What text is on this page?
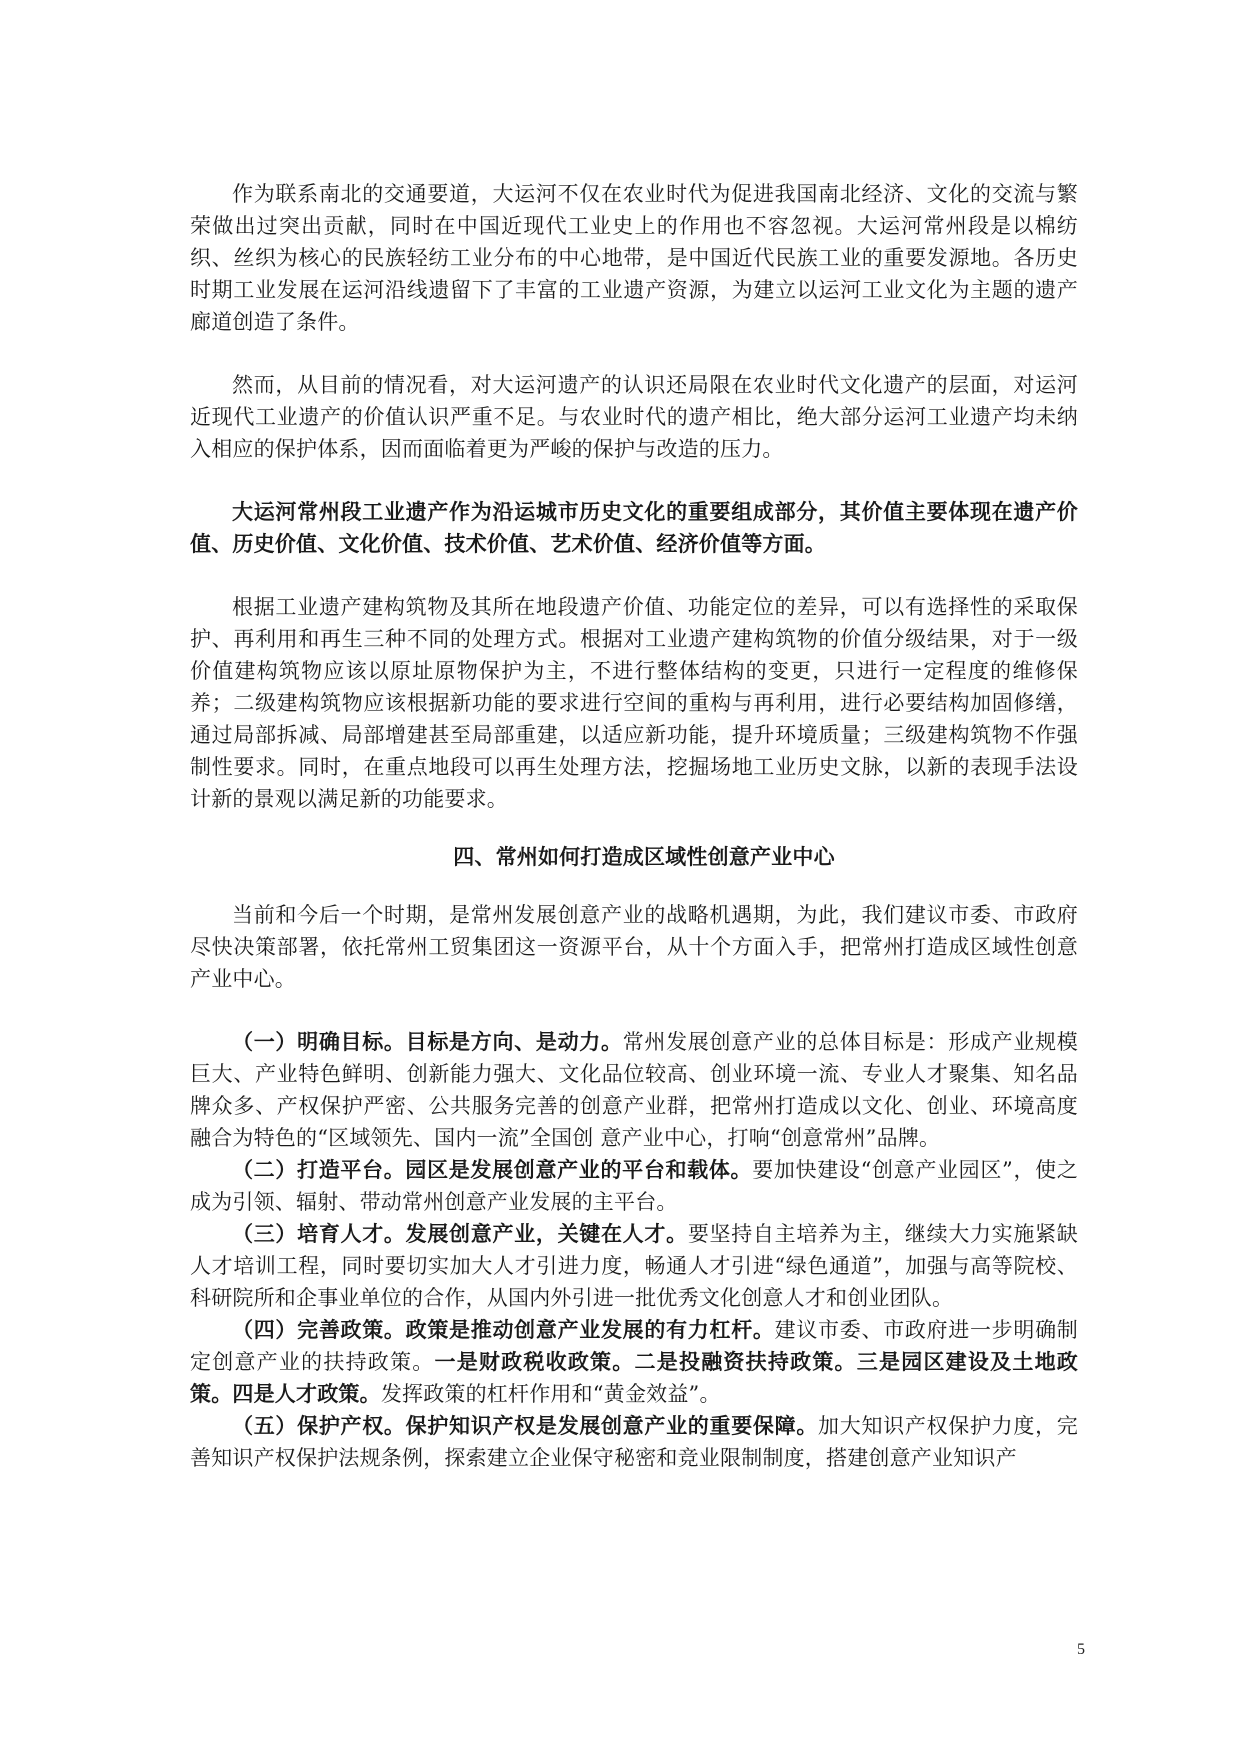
作为联系南北的交通要道，大运河不仅在农业时代为促进我国南北经济、文化的交流与繁荣做出过突出贡献，同时在中国近现代工业史上的作用也不容忽视。大运河常州段是以棉纺织、丝织为核心的民族轻纺工业分布的中心地带，是中国近代民族工业的重要发源地。各历史时期工业发展在运河沿线遗留下了丰富的工业遗产资源，为建立以运河工业文化为主题的遗产廊道创造了条件。

然而，从目前的情况看，对大运河遗产的认识还局限在农业时代文化遗产的层面，对运河近现代工业遗产的价值认识严重不足。与农业时代的遗产相比，绝大部分运河工业遗产均未纳入相应的保护体系，因而面临着更为严峻的保护与改造的压力。

大运河常州段工业遗产作为沿运城市历史文化的重要组成部分，其价值主要体现在遗产价值、历史价值、文化价值、技术价值、艺术价值、经济价值等方面。

根据工业遗产建构筑物及其所在地段遗产价值、功能定位的差异，可以有选择性的采取保护、再利用和再生三种不同的处理方式。根据对工业遗产建构筑物的价值分级结果，对于一级价值建构筑物应该以原址原物保护为主，不进行整体结构的变更，只进行一定程度的维修保养；二级建构筑物应该根据新功能的要求进行空间的重构与再利用，进行必要结构加固修缮，通过局部拆减、局部增建甚至局部重建，以适应新功能，提升环境质量；三级建构筑物不作强制性要求。同时，在重点地段可以再生处理方法，挖掘场地工业历史文脉，以新的表现手法设计新的景观以满足新的功能要求。

四、常州如何打造成区域性创意产业中心

当前和今后一个时期，是常州发展创意产业的战略机遇期，为此，我们建议市委、市政府尽快决策部署，依托常州工贸集团这一资源平台，从十个方面入手，把常州打造成区域性创意产业中心。

（一）明确目标。目标是方向、是动力。常州发展创意产业的总体目标是：形成产业规模巨大、产业特色鲜明、创新能力强大、文化品位较高、创业环境一流、专业人才聚集、知名品牌众多、产权保护严密、公共服务完善的创意产业群，把常州打造成以文化、创业、环境高度融合为特色的“区域领先、国内一流”全国创 意产业中心，打响“创意常州”品牌。

（二）打造平台。园区是发展创意产业的平台和载体。要加快建设“创意产业园区”，使之成为引领、辐射、带动常州创意产业发展的主平台。

（三）培育人才。发展创意产业，关键在人才。要坚持自主培养为主，继续大力实施紧缺人才培训工程，同时要切实加大人才引进力度，畅通人才引进“绿色通道”，加强与高等院校、科研院所和企事业单位的合作，从国内外引进一批优秀文化创意人才和创业团队。

（四）完善政策。政策是推动创意产业发展的有力杠杆。建议市委、市政府进一步明确制定创意产业的扶持政策。一是财政税收政策。二是投融资扶持政策。三是园区建设及土地政策。四是人才政策。发挥政策的杠杆作用和“黄金效益”。

（五）保护产权。保护知识产权是发展创意产业的重要保障。加大知识产权保护力度，完善知识产权保护法规条例，探索建立企业保守秘密和竞业限制制度，搭建创意产业知识产

5
